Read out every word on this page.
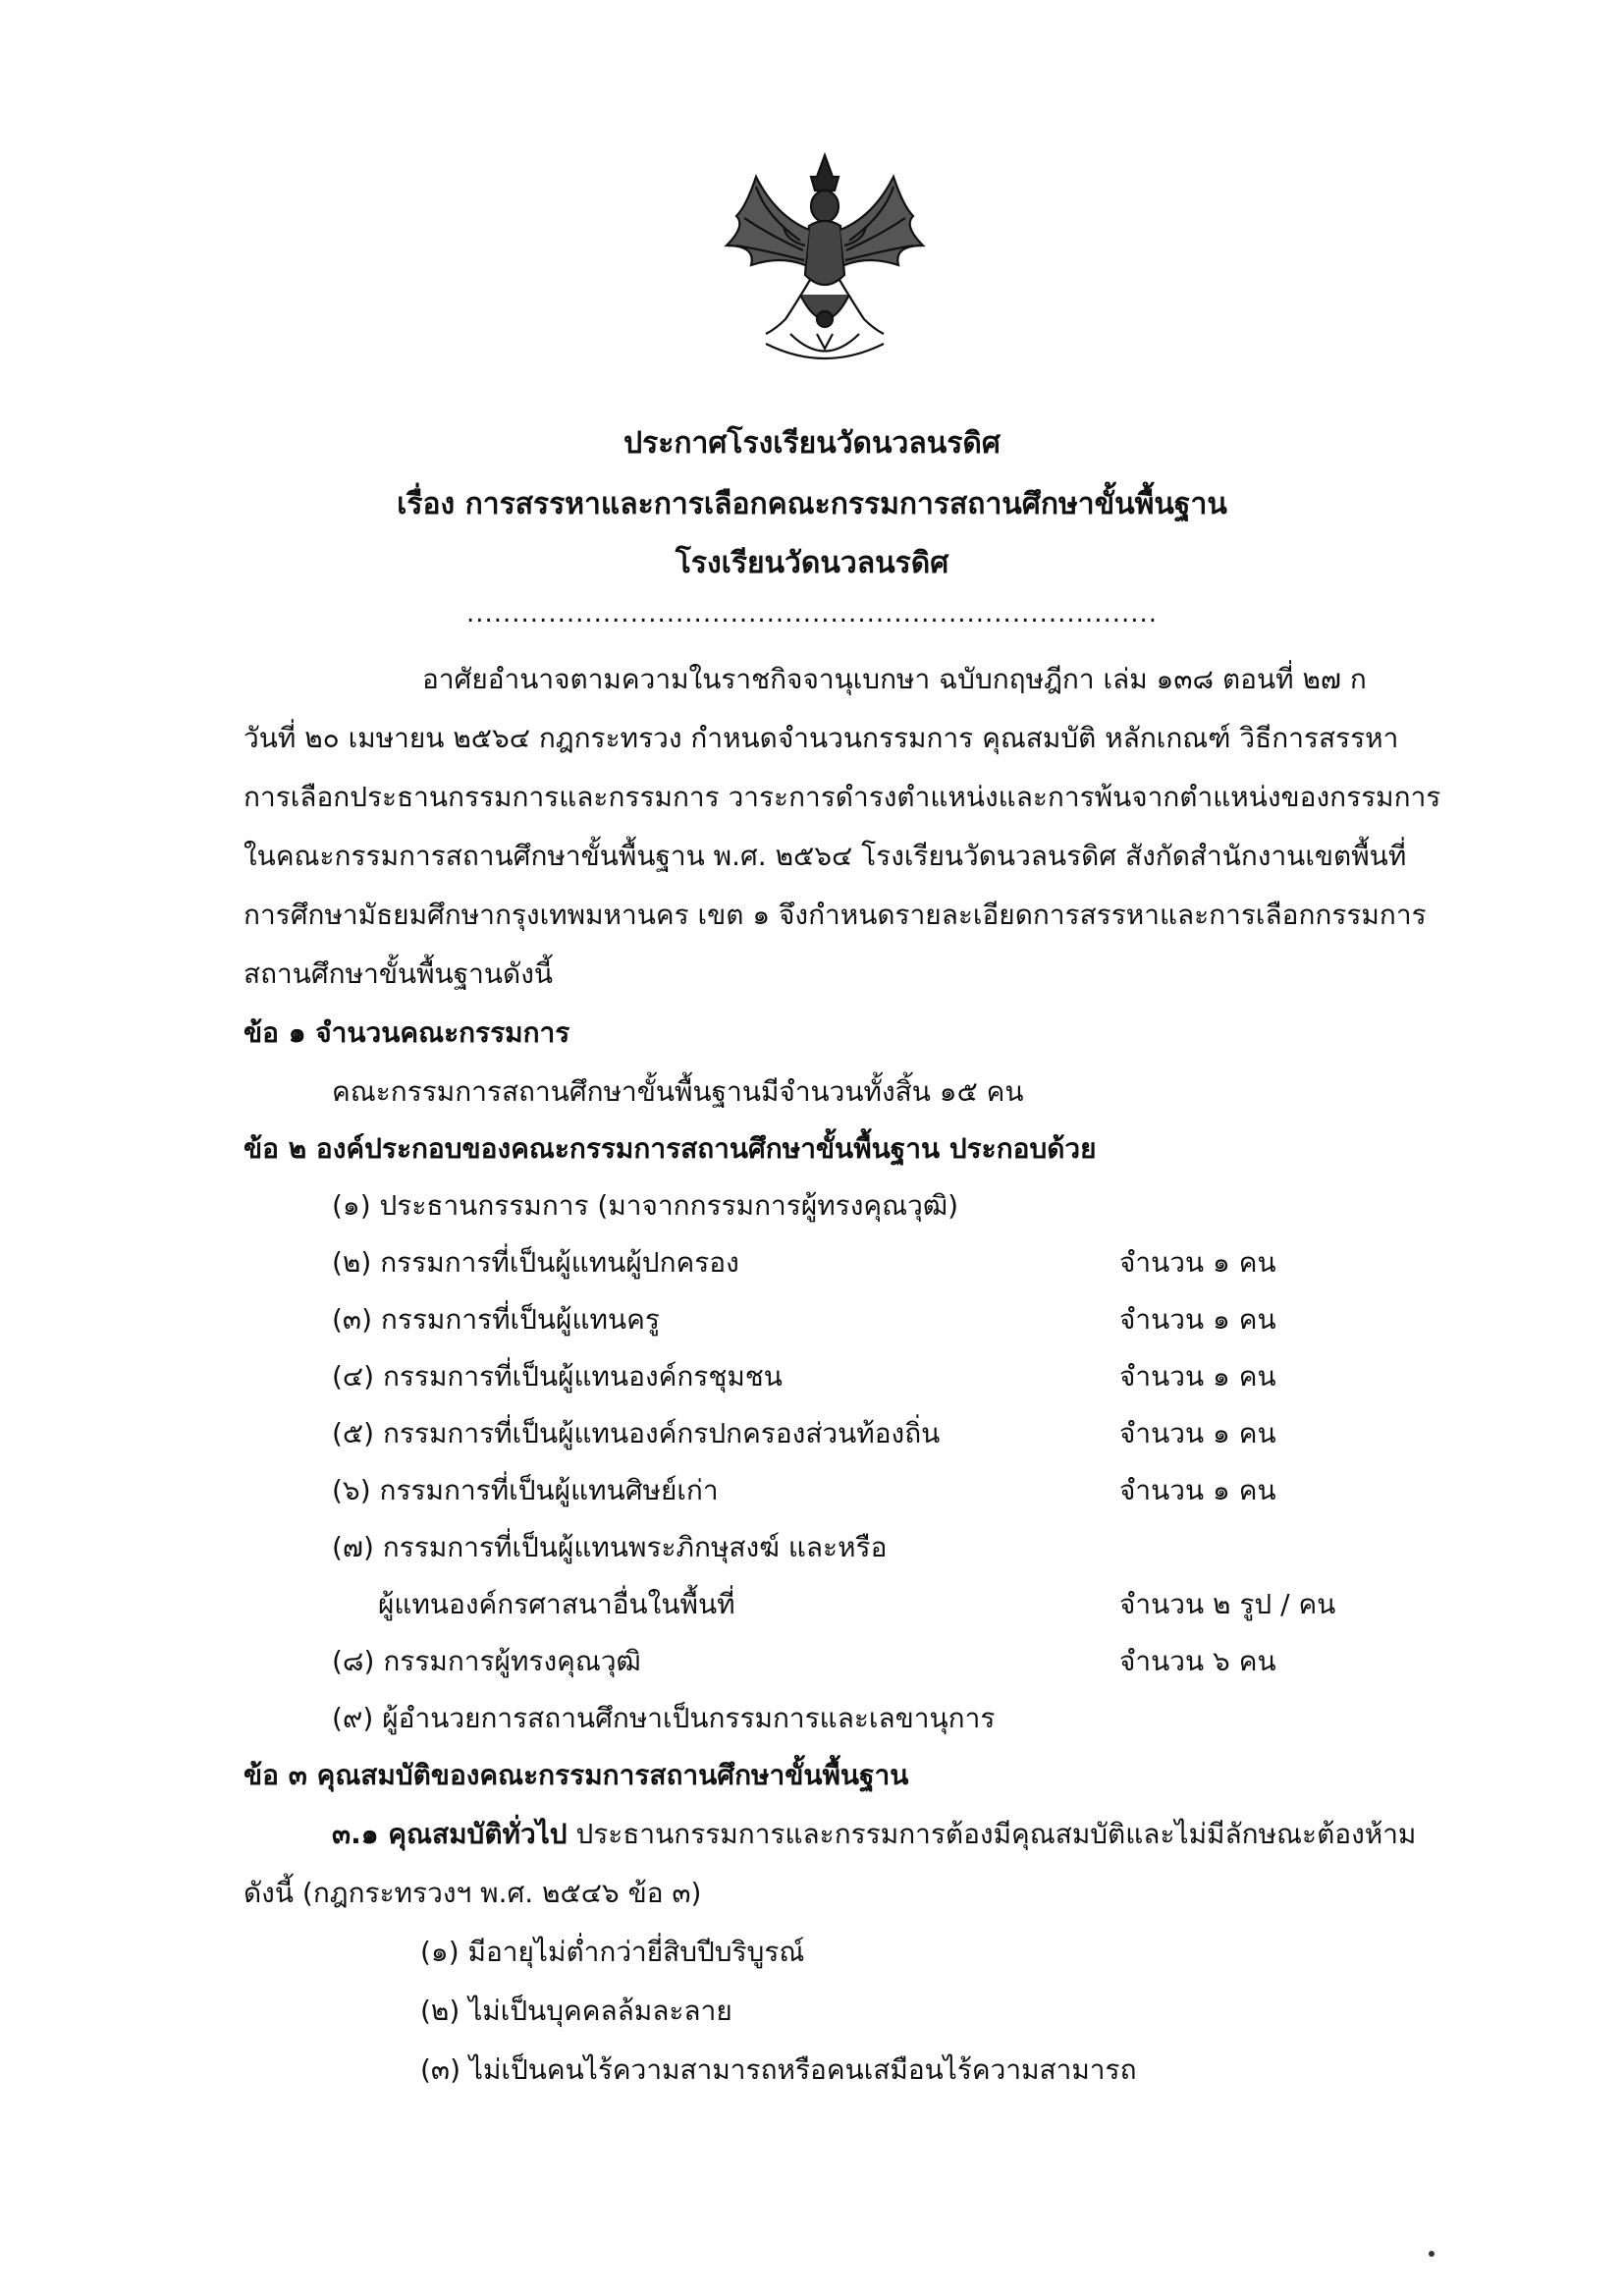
ประกาศโรงเรียนวัดนวลนรดิศ
เรื่อง การสรรหาและการเลือกคณะกรรมการสถานศึกษาขั้นพื้นฐาน
โรงเรียนวัดนวลนรดิศ
............................................................................
อาศัยอำนาจตามความในราชกิจจานุเบกษา ฉบับกฤษฎีกา เล่ม ๑๓๘ ตอนที่ ๒๗ ก
วันที่ ๒๐ เมษายน ๒๕๖๔ กฎกระทรวง กำหนดจำนวนกรรมการ คุณสมบัติ หลักเกณฑ์ วิธีการสรรหา
การเลือกประธานกรรมการและกรรมการ วาระการดำรงตำแหน่งและการพ้นจากตำแหน่งของกรรมการ
ในคณะกรรมการสถานศึกษาขั้นพื้นฐาน พ.ศ. ๒๕๖๔ โรงเรียนวัดนวลนรดิศ สังกัดสำนักงานเขตพื้นที่
การศึกษามัธยมศึกษากรุงเทพมหานคร เขต ๑ จึงกำหนดรายละเอียดการสรรหาและการเลือกกรรมการ
สถานศึกษาขั้นพื้นฐานดังนี้
ข้อ ๑ จำนวนคณะกรรมการ
คณะกรรมการสถานศึกษาขั้นพื้นฐานมีจำนวนทั้งสิ้น ๑๕ คน
ข้อ ๒ องค์ประกอบของคณะกรรมการสถานศึกษาขั้นพื้นฐาน ประกอบด้วย
(๑) ประธานกรรมการ (มาจากกรรมการผู้ทรงคุณวุฒิ)
(๒) กรรมการที่เป็นผู้แทนผู้ปกครอง	จำนวน ๑ คน
(๓) กรรมการที่เป็นผู้แทนครู	จำนวน ๑ คน
(๔) กรรมการที่เป็นผู้แทนองค์กรชุมชน	จำนวน ๑ คน
(๕) กรรมการที่เป็นผู้แทนองค์กรปกครองส่วนท้องถิ่น	จำนวน ๑ คน
(๖) กรรมการที่เป็นผู้แทนศิษย์เก่า	จำนวน ๑ คน
(๗) กรรมการที่เป็นผู้แทนพระภิกษุสงฆ์ และหรือ
ผู้แทนองค์กรศาสนาอื่นในพื้นที่	จำนวน ๒ รูป / คน
(๘) กรรมการผู้ทรงคุณวุฒิ	จำนวน ๖ คน
(๙) ผู้อำนวยการสถานศึกษาเป็นกรรมการและเลขานุการ
ข้อ ๓ คุณสมบัติของคณะกรรมการสถานศึกษาขั้นพื้นฐาน
๓.๑ คุณสมบัติทั่วไป ประธานกรรมการและกรรมการต้องมีคุณสมบัติและไม่มีลักษณะต้องห้าม
ดังนี้ (กฎกระทรวงฯ พ.ศ. ๒๕๔๖ ข้อ ๓)
(๑) มีอายุไม่ต่ำกว่ายี่สิบปีบริบูรณ์
(๒) ไม่เป็นบุคคลล้มละลาย
(๓) ไม่เป็นคนไร้ความสามารถหรือคนเสมือนไร้ความสามารถ
